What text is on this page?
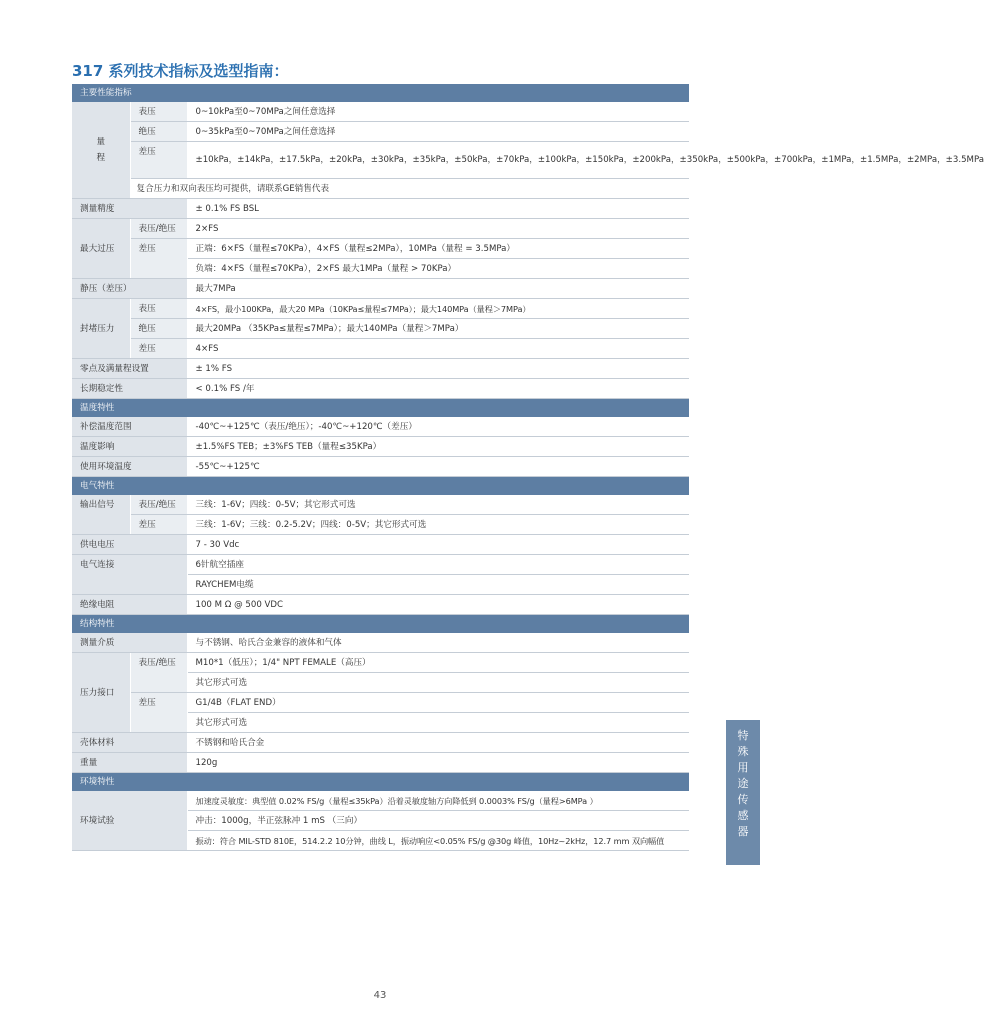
317 系列技术指标及选型指南：
主要性能指标		

量
程	表压	0~10kPa至0~70MPa之间任意选择
	绝压	0~35kPa至0~70MPa之间任意选择
	差压	±10kPa，±14kPa，±17.5kPa，±20kPa，±30kPa，±35kPa，±50kPa，±70kPa，±100kPa，±150kPa，±200kPa，±350kPa，±500kPa，±700kPa，±1MPa，±1.5MPa，±2MPa，±3.5MPa
	复合压力和双向表压均可提供，请联系GE销售代表	
测量精度		± 0.1% FS BSL
最大过压	表压/绝压	2×FS
	差压	正端：6×FS（量程≤70KPa），4×FS（量程≤2MPa），10MPa（量程 = 3.5MPa）
		负端：4×FS（量程≤70KPa），2×FS 最大1MPa（量程 > 70KPa）
静压（差压）		最大7MPa
封堵压力	表压	4×FS，最小100KPa，最大20 MPa（10KPa≤量程≤7MPa）；最大140MPa（量程＞7MPa）
	绝压	最大20MPa （35KPa≤量程≤7MPa）；最大140MPa（量程＞7MPa）
	差压	4×FS
零点及满量程设置		± 1% FS
长期稳定性		< 0.1% FS /年
温度特性		
补偿温度范围		-40℃~+125℃（表压/绝压）；-40℃~+120℃（差压）
温度影响		±1.5%FS TEB；±3%FS TEB（量程≤35KPa）
使用环境温度		-55℃~+125℃
电气特性		
输出信号	表压/绝压	三线：1-6V；四线：0-5V；其它形式可选
	差压	三线：1-6V；三线：0.2-5.2V；四线：0-5V；其它形式可选
供电电压		7 - 30 Vdc
电气连接		6针航空插座
		RAYCHEM电缆
绝缘电阻		100 M Ω @ 500 VDC
结构特性		
测量介质		与不锈钢、哈氏合金兼容的液体和气体
压力接口	表压/绝压	M10*1（低压）；1/4" NPT FEMALE（高压）
		其它形式可选
	差压	G1/4B（FLAT END）
		其它形式可选
壳体材料		不锈钢和哈氏合金
重量		120g
环境特性		
环境试验		加速度灵敏度：典型值 0.02% FS/g（量程≤35kPa）沿着灵敏度轴方向降低到 0.0003% FS/g（量程>6MPa ）
		冲击：1000g，半正弦脉冲 1 mS （三向）
		振动：符合 MIL-STD 810E，514.2.2 10分钟，曲线 L，振动响应<0.05% FS/g @30g 峰值，10Hz~2kHz，12.7 mm 双向幅值
特
殊
用
途
传
感
器
43
